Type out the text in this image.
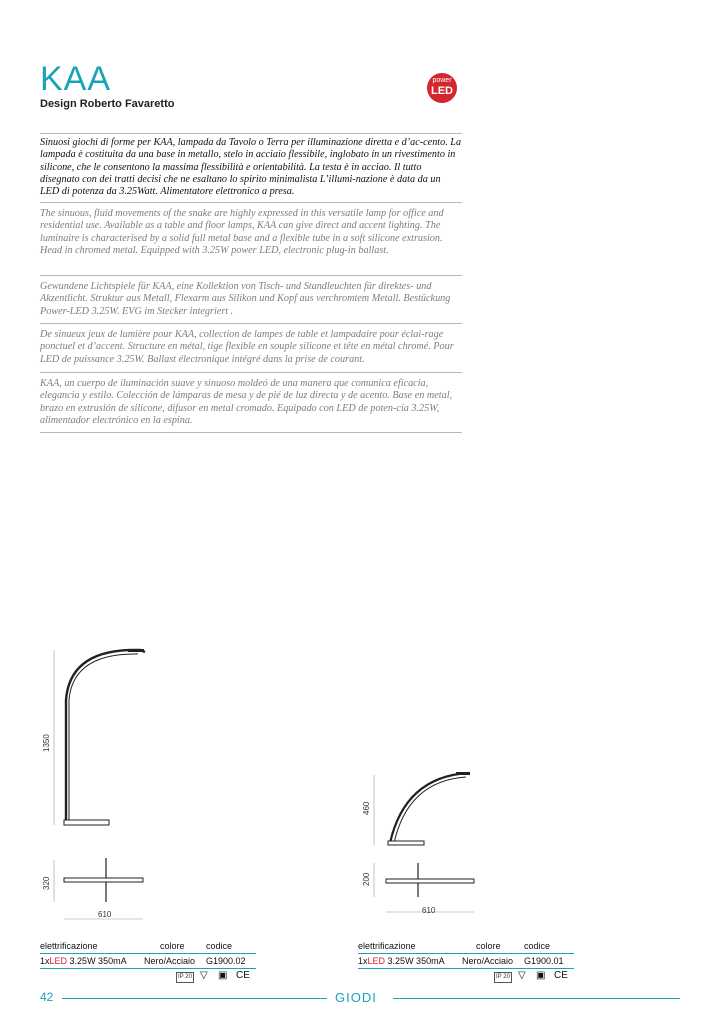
KAA
Design Roberto Favaretto
power
LED
Sinuosi giochi di forme per KAA, lampada da Tavolo o Terra per illuminazione diretta e d’ac-cento. La lampada è costituita da una base in metallo, stelo in acciaio flessibile, inglobato in un rivestimento in silicone, che le consentono la massima flessibilità e orientabilità. La testa è in acciao. Il tutto disegnato con dei tratti decisi che ne esaltano lo spirito minimalista L’illumi-nazione è data da un LED di potenza da 3.25Watt. Alimentatore elettronico a presa.
The sinuous, fluid movements of the snake are highly expressed in this versatile lamp for office and residential use. Available as a table and floor lamps, KAA can give direct and accent lighting. The luminaire is characterised by a solid full metal base and a flexible tube in a soft silicone extrusion. Head in chromed metal. Equipped with 3.25W power LED, electronic plug-in ballast.
Gewundene Lichtspiele für KAA, eine Kollektion von Tisch- und Standleuchten für direktes- und Akzentlicht. Struktur aus Metall, Flexarm aus Silikon und Kopf aus verchromtem Metall. Bestückung Power-LED 3.25W. EVG im Stecker integriert .
De sinueux jeux de lumière pour KAA, collection de lampes de table et lampadaire pour éclai-rage ponctuel et d’accent. Structure en métal, tige flexible en souple silicone et tête en métal chromé. Pour LED de puissance 3.25W. Ballast électronique intégré dans la prise de courant.
KAA, un cuerpo de iluminación suave y sinuoso moldeó de una manera que comunica eficacia, elegancia y estilo. Colección de lámparas de mesa y de pié de luz directa y de acento. Base en metal, brazo en extrusión de silicone, difusor en metal cromado. Equipado con LED de poten-cia 3.25W, alimentador electrónico en la espina.
1350
320
610
460
200
610
elettrificazione	colore codice
1xLED 3.25W 350mA Nero/Acciaio G1900.02
IP 20 ▽ ▣ CE
elettrificazione	colore	codice
1xLED 3.25W 350mA Nero/Acciaio G1900.01
IP 20 ▽ ▣ CE
42	GIODI
